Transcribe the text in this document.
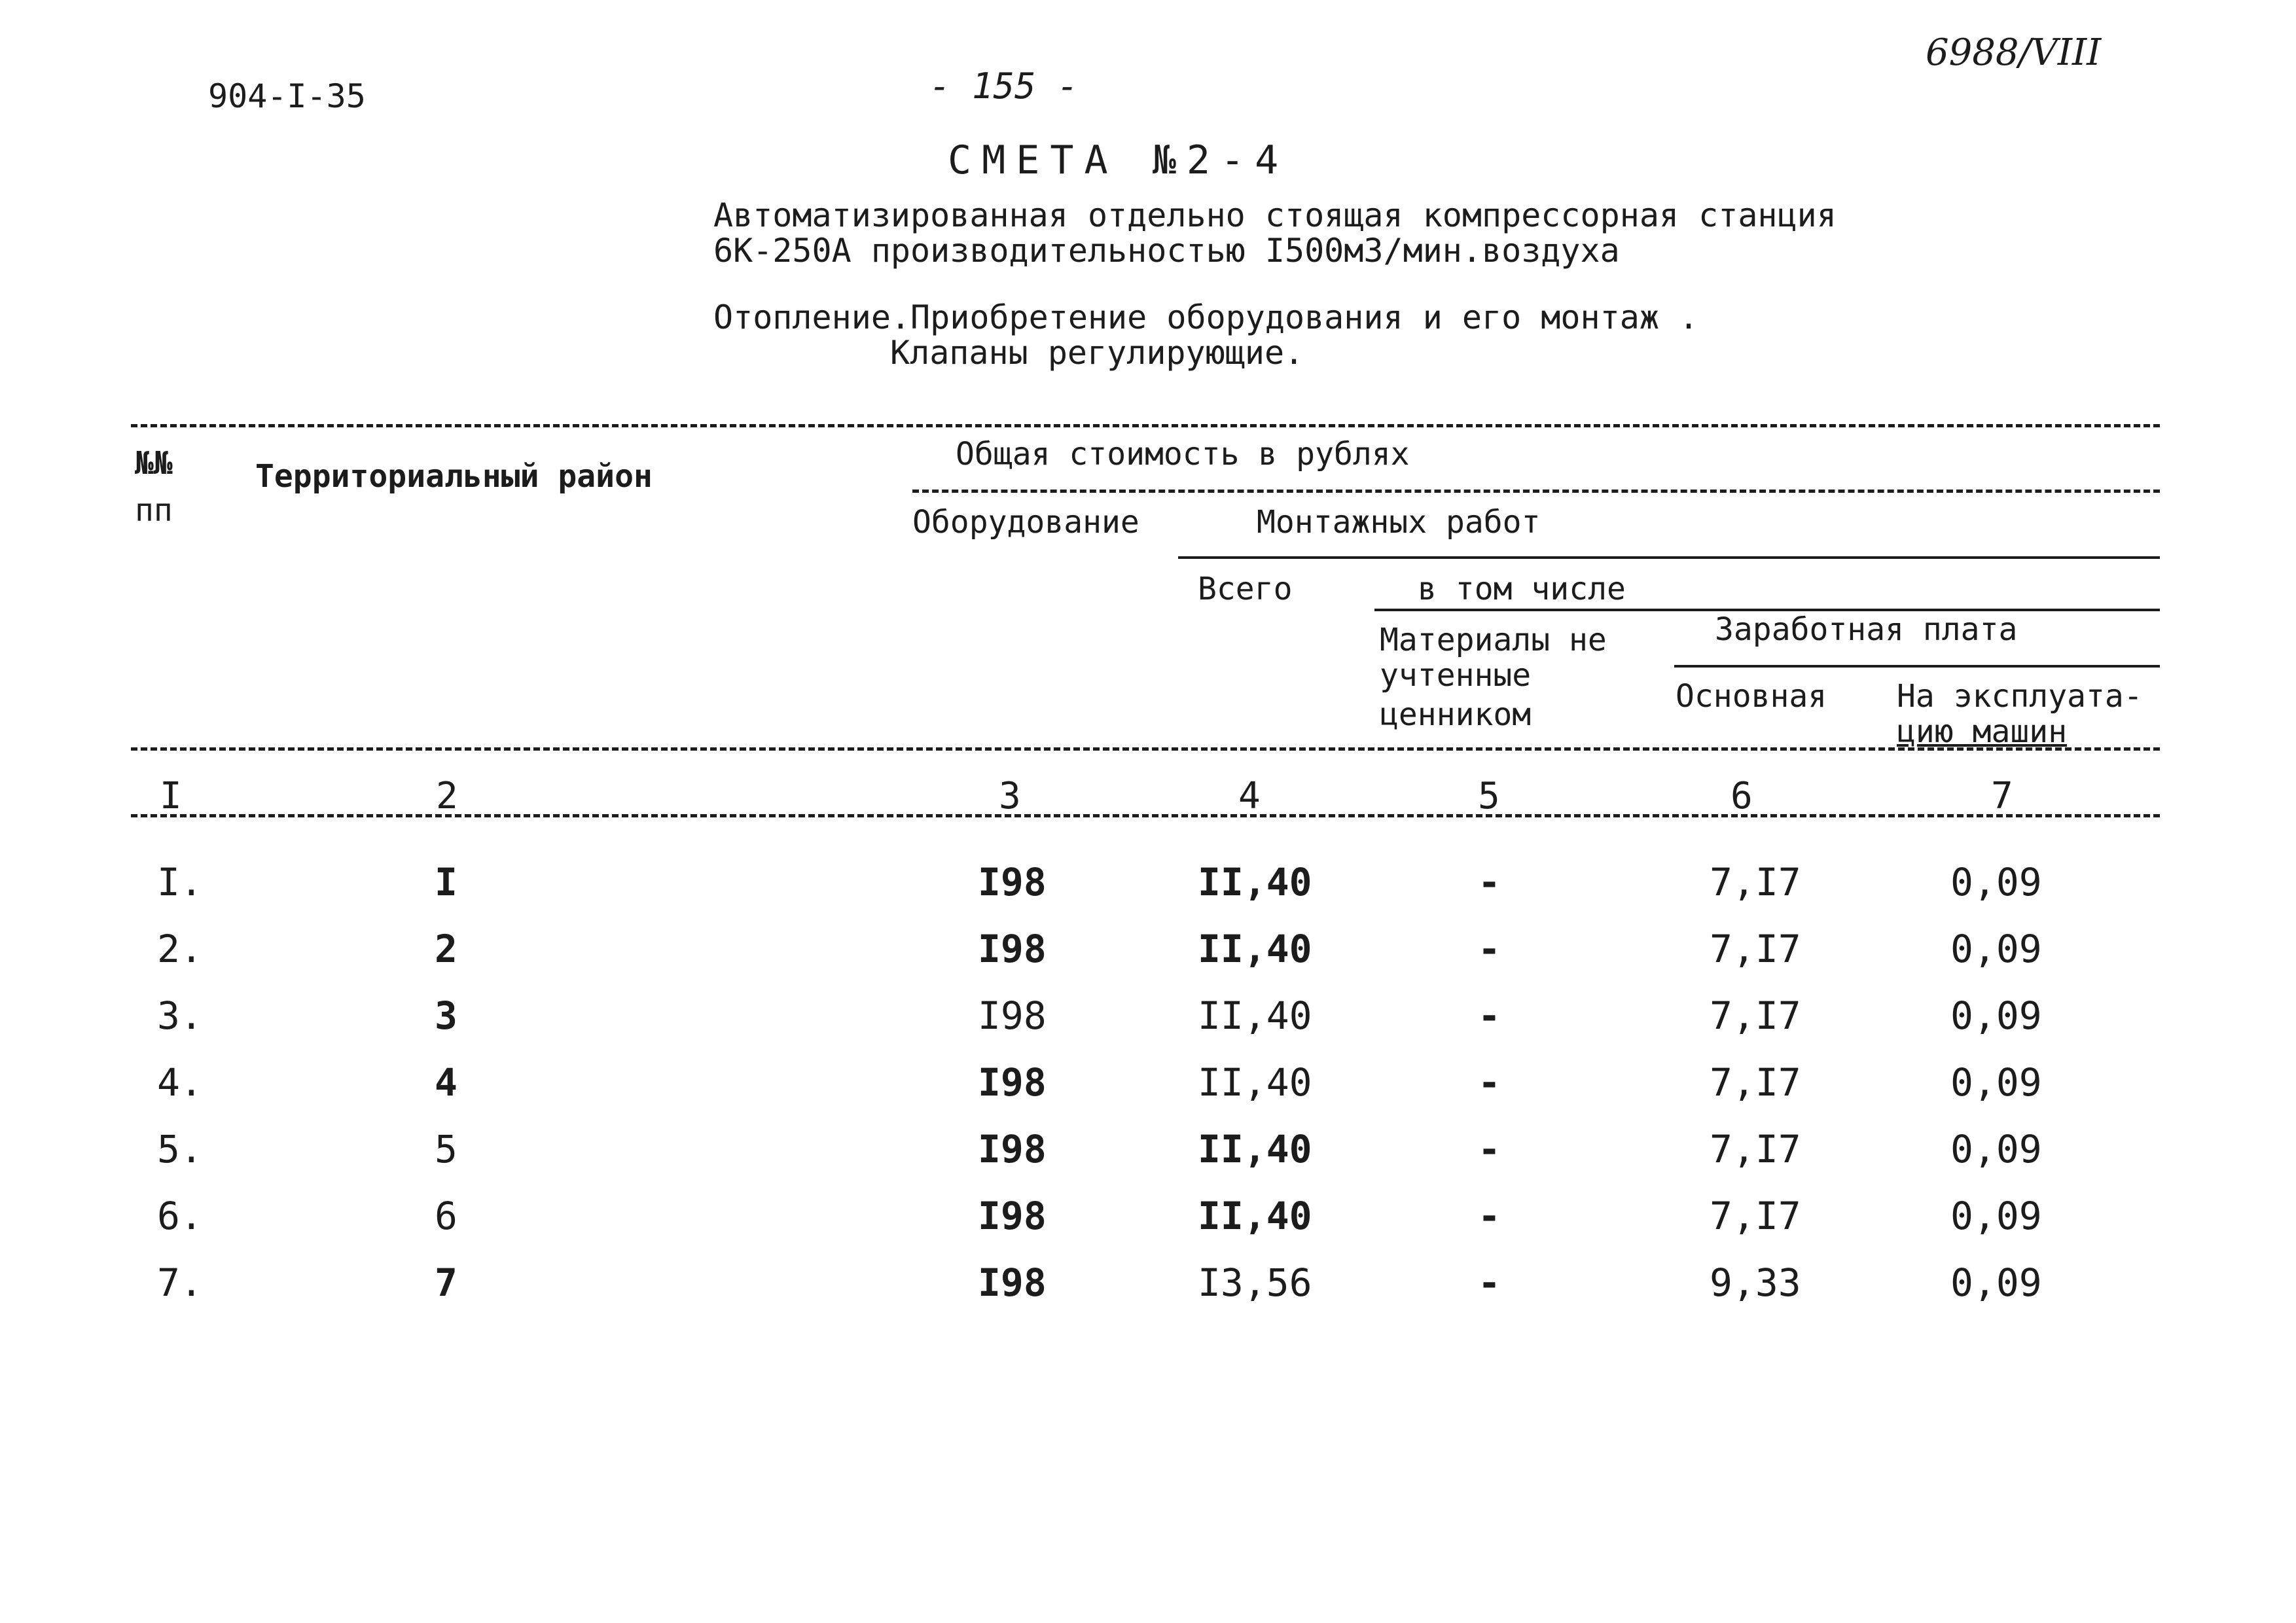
904-I-35	- 155 -
6988/VIII
СМЕТА №2-4
Автоматизированная отдельно стоящая компрессорная станция
6К-250А производительностью I500м3/мин.воздуха
Отопление.Приобретение оборудования и его монтаж .
Клапаны регулирующие.
№№
пп
Территориальный район
Общая стоимость в рублях
Оборудование	Монтажных работ
Всего	в том числе
Материалы не
учтенные
ценником
Заработная плата
Основная На эксплуата-
цию машин
I	2	3	4	5	6	7
I.	I	I98	II,40	-	7,I7	0,09
2.	2	I98	II,40	-	7,I7	0,09
3.	3	I98	II,40	-	7,I7	0,09
4.	4	I98	II,40	-	7,I7	0,09
5.	5	I98	II,40	-	7,I7	0,09
6.	6	I98	II,40	-	7,I7	0,09
7.	7	I98	I3,56	-	9,33	0,09
